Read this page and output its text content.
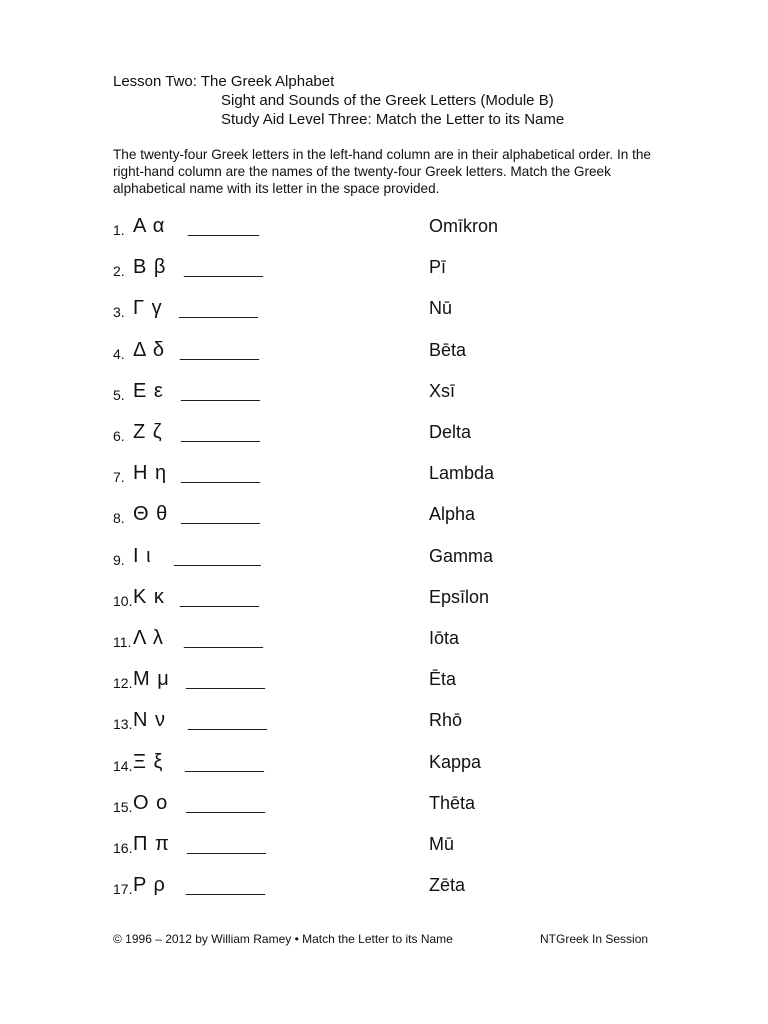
Lesson Two: The Greek Alphabet
Sight and Sounds of the Greek Letters (Module B)
Study Aid Level Three: Match the Letter to its Name
The twenty-four Greek letters in the left-hand column are in their alphabetical order. In the right-hand column are the names of the twenty-four Greek letters. Match the Greek alphabetical name with its letter in the space provided.
1. Α α _________	Omīkron
2. Β β __________	Pī
3. Γ γ __________	Nū
4. Δ δ __________	Bēta
5. Ε ε __________	Xsī
6. Ζ ζ __________	Delta
7. Η η __________	Lambda
8. Θ θ __________	Alpha
9. Ι ι ___________	Gamma
10. Κ κ __________	Epsīlon
11. Λ λ __________	Iōta
12. Μ μ __________	Ēta
13. Ν ν __________	Rhō
14. Ξ ξ __________	Kappa
15. Ο ο __________	Thēta
16. Π π __________	Mū
17. Ρ ρ __________	Zēta
© 1996 – 2012 by William Ramey • Match the Letter to its Name	NTGreek In Session
